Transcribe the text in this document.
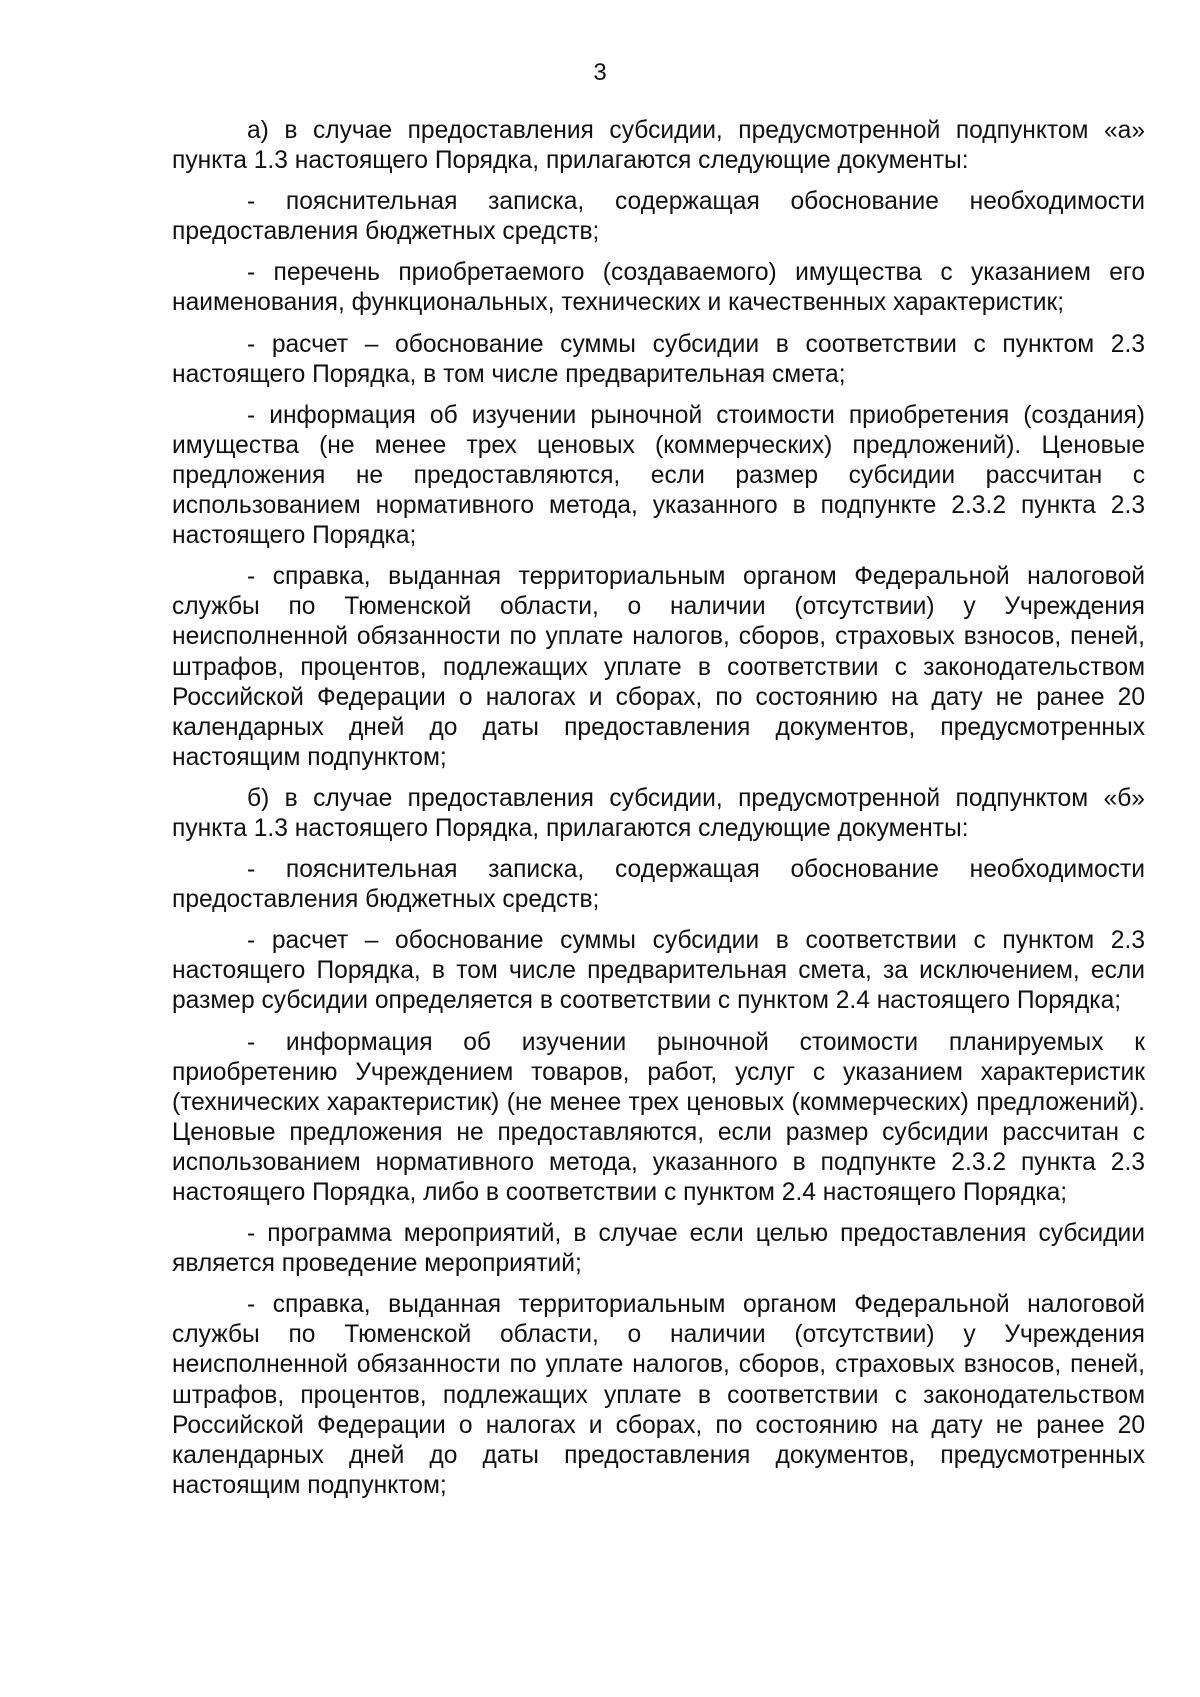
3

а) в случае предоставления субсидии, предусмотренной подпунктом «а» пункта 1.3 настоящего Порядка, прилагаются следующие документы:

- пояснительная записка, содержащая обоснование необходимости предоставления бюджетных средств;

- перечень приобретаемого (создаваемого) имущества с указанием его наименования, функциональных, технических и качественных характеристик;

- расчет – обоснование суммы субсидии в соответствии с пунктом 2.3 настоящего Порядка, в том числе предварительная смета;

- информация об изучении рыночной стоимости приобретения (создания) имущества (не менее трех ценовых (коммерческих) предложений). Ценовые предложения не предоставляются, если размер субсидии рассчитан с использованием нормативного метода, указанного в подпункте 2.3.2 пункта 2.3 настоящего Порядка;

- справка, выданная территориальным органом Федеральной налоговой службы по Тюменской области, о наличии (отсутствии) у Учреждения неисполненной обязанности по уплате налогов, сборов, страховых взносов, пеней, штрафов, процентов, подлежащих уплате в соответствии с законодательством Российской Федерации о налогах и сборах, по состоянию на дату не ранее 20 календарных дней до даты предоставления документов, предусмотренных настоящим подпунктом;

б) в случае предоставления субсидии, предусмотренной подпунктом «б» пункта 1.3 настоящего Порядка, прилагаются следующие документы:

- пояснительная записка, содержащая обоснование необходимости предоставления бюджетных средств;

- расчет – обоснование суммы субсидии в соответствии с пунктом 2.3 настоящего Порядка, в том числе предварительная смета, за исключением, если размер субсидии определяется в соответствии с пунктом 2.4 настоящего Порядка;

- информация об изучении рыночной стоимости планируемых к приобретению Учреждением товаров, работ, услуг с указанием характеристик (технических характеристик) (не менее трех ценовых (коммерческих) предложений). Ценовые предложения не предоставляются, если размер субсидии рассчитан с использованием нормативного метода, указанного в подпункте 2.3.2 пункта 2.3 настоящего Порядка, либо в соответствии с пунктом 2.4 настоящего Порядка;

- программа мероприятий, в случае если целью предоставления субсидии является проведение мероприятий;

- справка, выданная территориальным органом Федеральной налоговой службы по Тюменской области, о наличии (отсутствии) у Учреждения неисполненной обязанности по уплате налогов, сборов, страховых взносов, пеней, штрафов, процентов, подлежащих уплате в соответствии с законодательством Российской Федерации о налогах и сборах, по состоянию на дату не ранее 20 календарных дней до даты предоставления документов, предусмотренных настоящим подпунктом;
